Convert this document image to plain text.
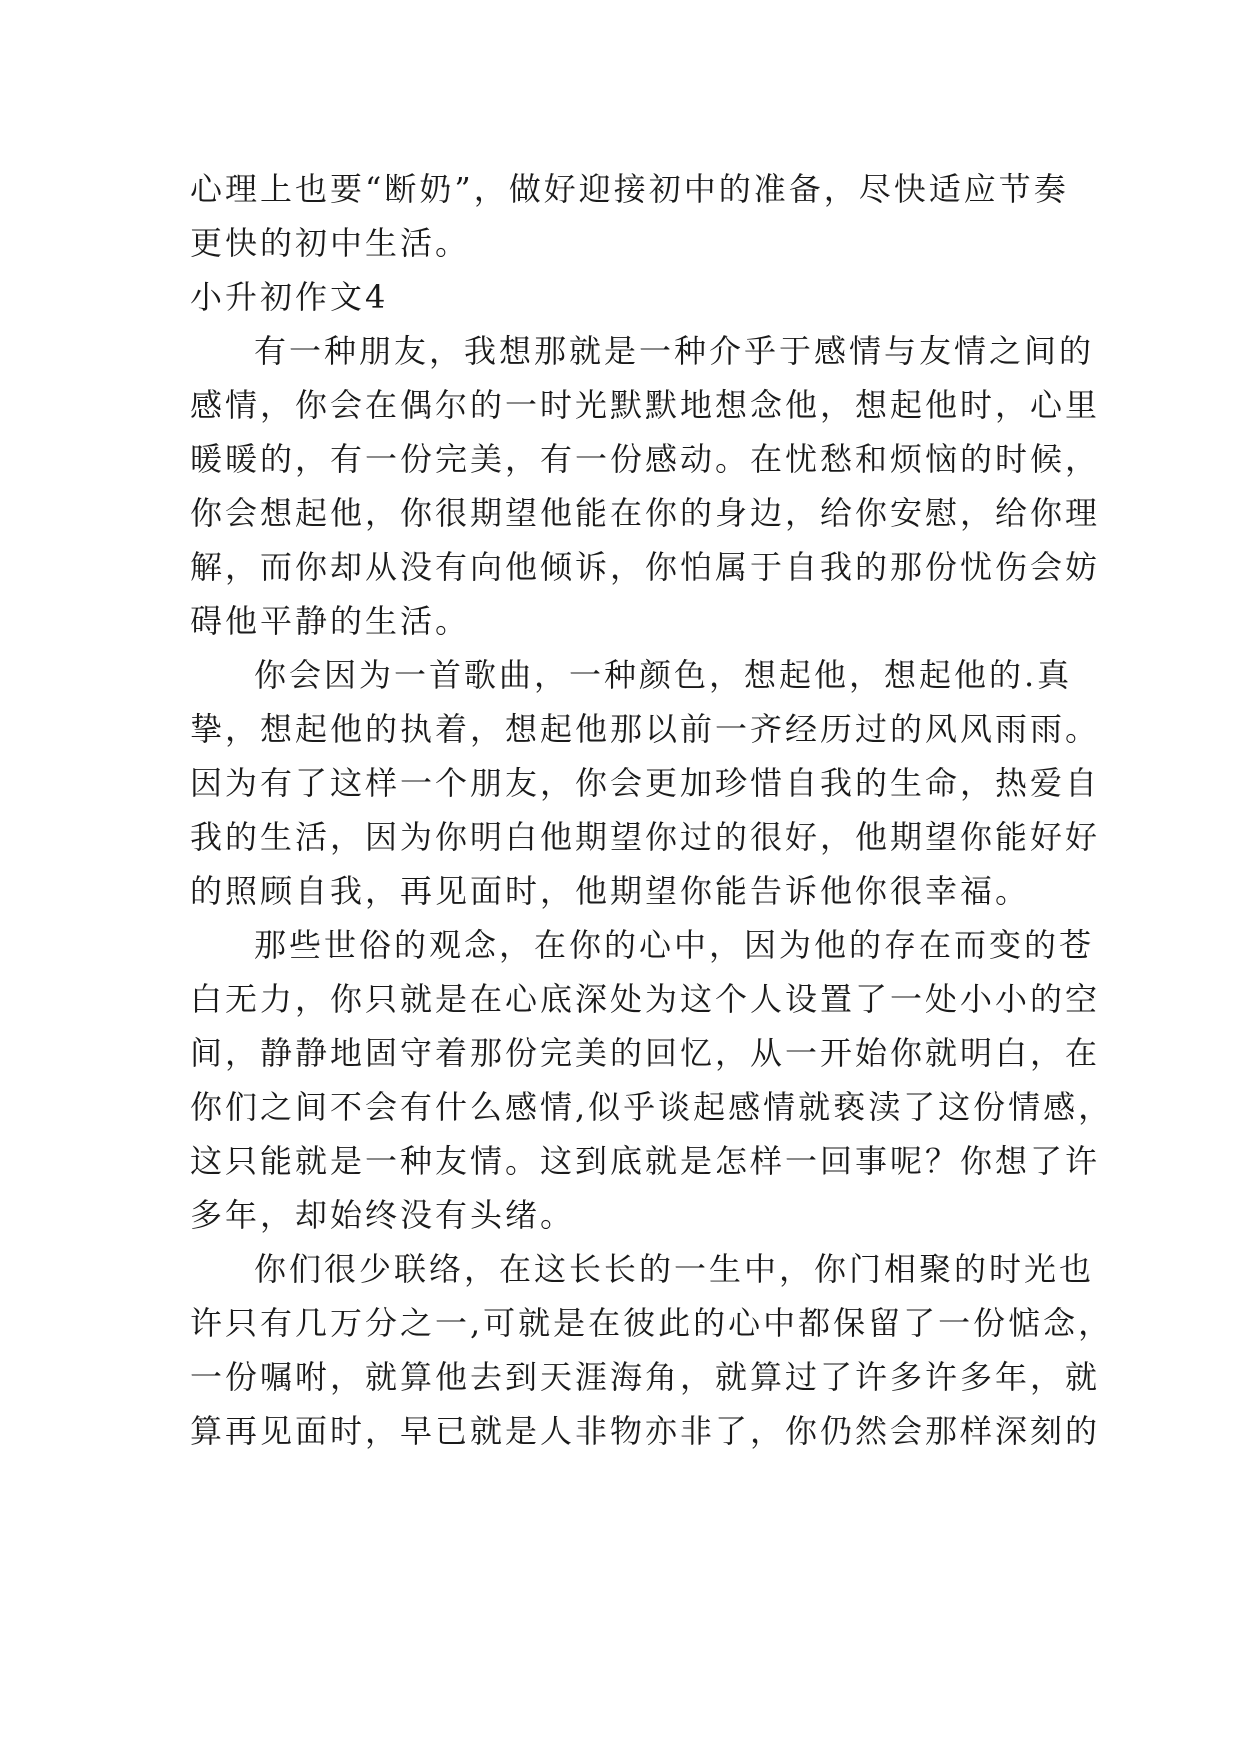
心理上也要“断奶”，做好迎接初中的准备，尽快适应节奏
更快的初中生活。
小升初作文4
有一种朋友，我想那就是一种介乎于感情与友情之间的
感情，你会在偶尔的一时光默默地想念他，想起他时，心里
暖暖的，有一份完美，有一份感动。在忧愁和烦恼的时候，
你会想起他，你很期望他能在你的身边，给你安慰，给你理
解，而你却从没有向他倾诉，你怕属于自我的那份忧伤会妨
碍他平静的生活。
你会因为一首歌曲，一种颜色，想起他，想起他的.真
挚，想起他的执着，想起他那以前一齐经历过的风风雨雨。
因为有了这样一个朋友，你会更加珍惜自我的生命，热爱自
我的生活，因为你明白他期望你过的很好，他期望你能好好
的照顾自我，再见面时，他期望你能告诉他你很幸福。
那些世俗的观念，在你的心中，因为他的存在而变的苍
白无力，你只就是在心底深处为这个人设置了一处小小的空
间，静静地固守着那份完美的回忆，从一开始你就明白，在
你们之间不会有什么感情,似乎谈起感情就亵渎了这份情感，
这只能就是一种友情。这到底就是怎样一回事呢？你想了许
多年，却始终没有头绪。
你们很少联络，在这长长的一生中，你门相聚的时光也
许只有几万分之一,可就是在彼此的心中都保留了一份惦念，
一份嘱咐，就算他去到天涯海角，就算过了许多许多年，就
算再见面时，早已就是人非物亦非了，你仍然会那样深刻的
